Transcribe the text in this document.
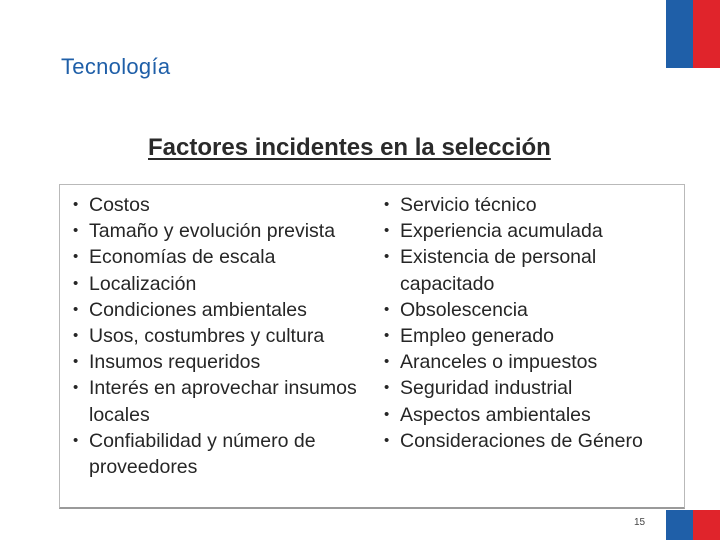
Tecnología
Factores incidentes en la selección
• Costos
• Tamaño y evolución prevista
• Economías de escala
• Localización
• Condiciones ambientales
• Usos, costumbres y cultura
• Insumos requeridos
• Interés en aprovechar insumos locales
• Confiabilidad y número de proveedores
• Servicio técnico
• Experiencia acumulada
• Existencia de personal capacitado
• Obsolescencia
• Empleo generado
• Aranceles o impuestos
• Seguridad industrial
• Aspectos ambientales
• Consideraciones de Género
15
